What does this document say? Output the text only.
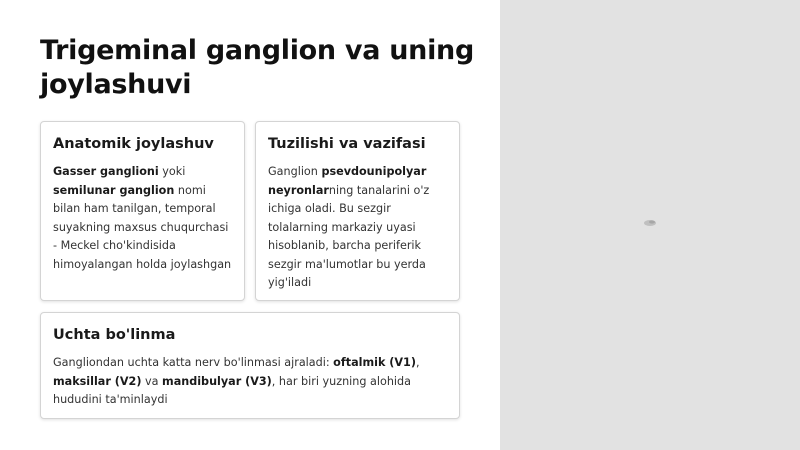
Trigeminal ganglion va uning joylashuvi
Anatomik joylashuv

Gasser ganglioni yoki semilunar ganglion nomi bilan ham tanilgan, temporal suyakning maxsus chuqurchasi - Meckel cho'kindisida himoyalangan holda joylashgan

Tuzilishi va vazifasi

Ganglion psevdounipolyar neyronlarning tanalarini o'z ichiga oladi. Bu sezgir tolalarning markaziy uyasi hisoblanib, barcha periferik sezgir ma'lumotlar bu yerda yig'iladi

Uchta bo'linma

Gangliondan uchta katta nerv bo'linmasi ajraladi: oftalmik (V1), maksillar (V2) va mandibulyar (V3), har biri yuzning alohida hududini ta'minlaydi
